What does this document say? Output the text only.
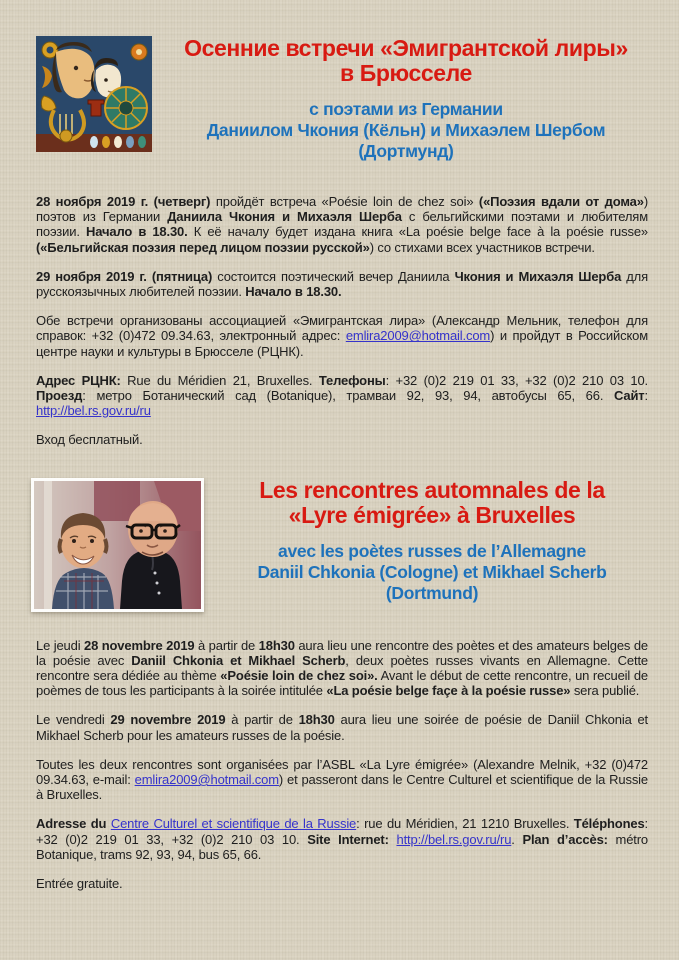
Осенние встречи «Эмигрантской лиры»
в Брюсселе
с поэтами из Германии
Даниилом Чкония (Кёльн) и Михаэлем Шербом
(Дортмунд)

28 ноября 2019 г. (четверг) пройдёт встреча «Poésie loin de chez soi» («Поэзия вдали от дома») поэтов из Германии Даниила Чкония и Михаэля Шерба с бельгийскими поэтами и любителям поэзии. Начало в 18.30. К её началу будет издана книга «La poésie belge face à la poésie russe» («Бельгийская поэзия перед лицом поэзии русской») со стихами всех участников встречи.

29 ноября 2019 г. (пятница) состоится поэтический вечер Даниила Чкония и Михаэля Шерба для русскоязычных любителей поэзии. Начало в 18.30.

Обе встречи организованы ассоциацией «Эмигрантская лира» (Александр Мельник, телефон для справок: +32 (0)472 09.34.63, электронный адрес: emlira2009@hotmail.com) и пройдут в Российском центре науки и культуры в Брюсселе (РЦНК).

Адрес РЦНК: Rue du Méridien 21, Bruxelles. Телефоны: +32 (0)2 219 01 33, +32 (0)2 210 03 10. Проезд: метро Ботанический сад (Botanique), трамваи 92, 93, 94, автобусы 65, 66. Сайт: http://bel.rs.gov.ru/ru

Вход бесплатный.

Les rencontres automnales de la
«Lyre émigrée» à Bruxelles
avec les poètes russes de l’Allemagne
Daniil Chkonia (Cologne) et Mikhael Scherb
(Dortmund)

Le jeudi 28 novembre 2019 à partir de 18h30 aura lieu une rencontre des poètes et des amateurs belges de la poésie avec Daniil Chkonia et Mikhael Scherb, deux poètes russes vivants en Allemagne. Cette rencontre sera dédiée au thème «Poésie loin de chez soi». Avant le début de cette rencontre, un recueil de poèmes de tous les participants à la soirée intitulée «La poésie belge façe à la poésie russe» sera publié.

Le vendredi 29 novembre 2019 à partir de 18h30 aura lieu une soirée de poésie de Daniil Chkonia et Mikhael Scherb pour les amateurs russes de la poésie.

Toutes les deux rencontres sont organisées par l’ASBL «La Lyre émigrée» (Alexandre Melnik, +32 (0)472 09.34.63, e-mail: emlira2009@hotmail.com) et passeront dans le Centre Culturel et scientifique de la Russie à Bruxelles.

Adresse du Centre Culturel et scientifique de la Russie: rue du Méridien, 21 1210 Bruxelles. Téléphones: +32 (0)2 219 01 33, +32 (0)2 210 03 10. Site Internet: http://bel.rs.gov.ru/ru. Plan d’accès: métro Botanique, trams 92, 93, 94, bus 65, 66.

Entrée gratuite.
